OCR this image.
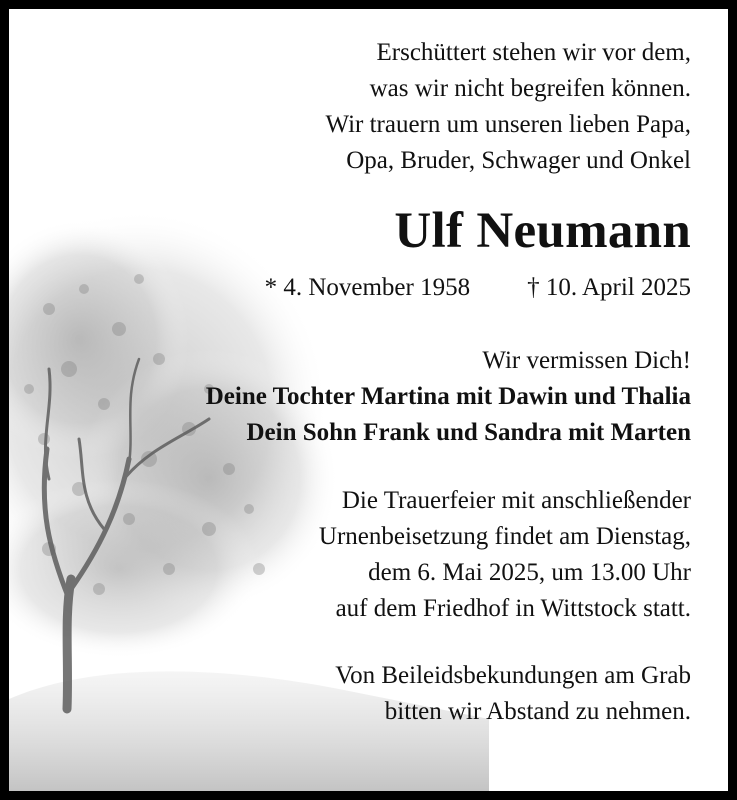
Erschüttert stehen wir vor dem,
was wir nicht begreifen können.
Wir trauern um unseren lieben Papa,
Opa, Bruder, Schwager und Onkel
Ulf Neumann
* 4. November 1958 † 10. April 2025
Wir vermissen Dich!
Deine Tochter Martina mit Dawin und Thalia
Dein Sohn Frank und Sandra mit Marten
Die Trauerfeier mit anschließender
Urnenbeisetzung findet am Dienstag,
dem 6. Mai 2025, um 13.00 Uhr
auf dem Friedhof in Wittstock statt.
Von Beileidsbekundungen am Grab
bitten wir Abstand zu nehmen.
